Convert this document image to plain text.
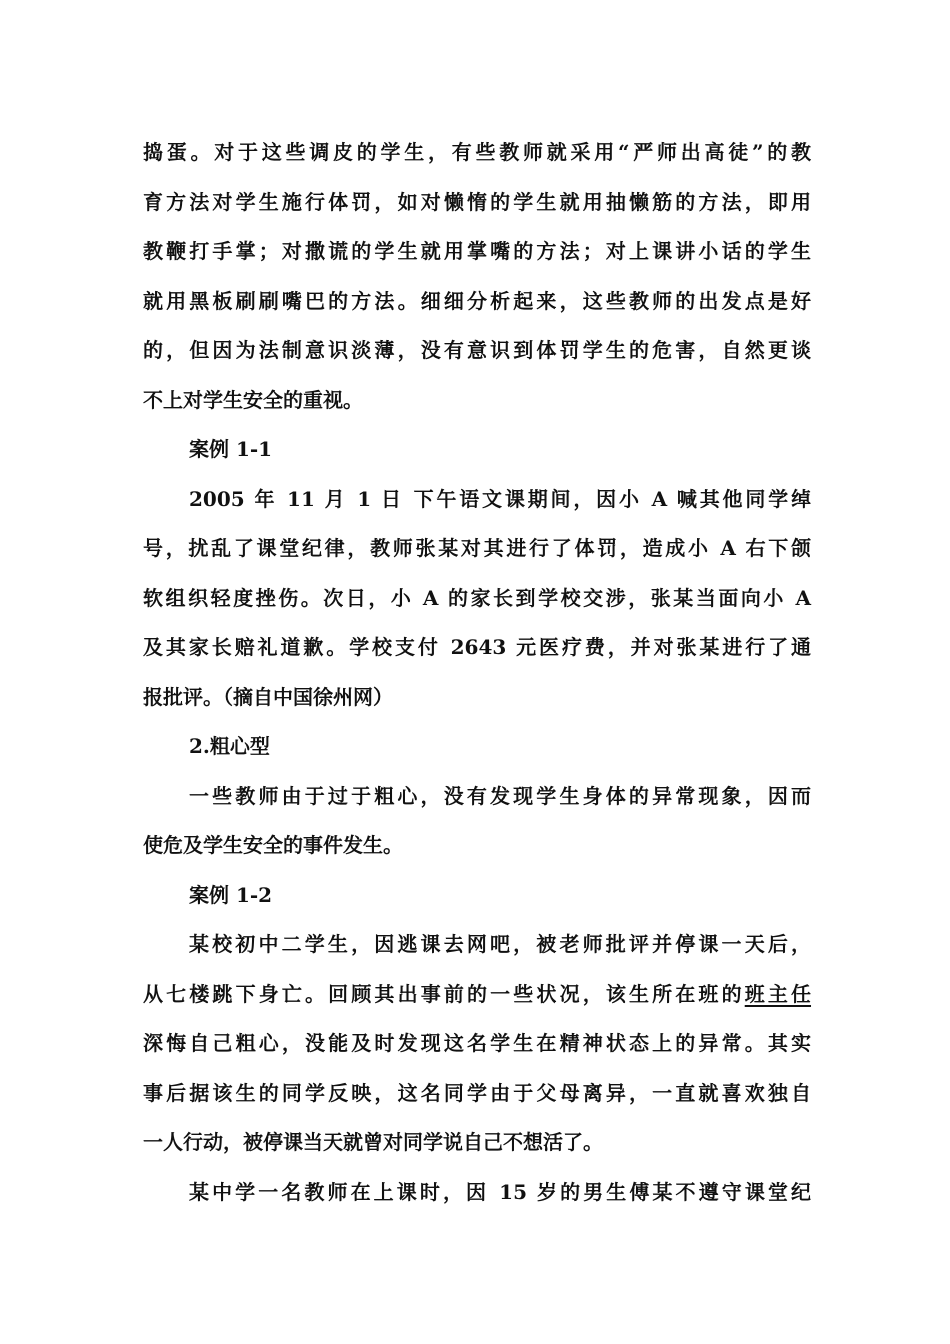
捣蛋。对于这些调皮的学生，有些教师就采用“严师出高徒”的教
育方法对学生施行体罚，如对懒惰的学生就用抽懒筋的方法，即用
教鞭打手掌；对撒谎的学生就用掌嘴的方法；对上课讲小话的学生
就用黑板刷刷嘴巴的方法。细细分析起来，这些教师的出发点是好
的，但因为法制意识淡薄，没有意识到体罚学生的危害，自然更谈
不上对学生安全的重视。
案例 1-1
2005 年 11 月 1 日 下午语文课期间，因小 A 喊其他同学绰
号，扰乱了课堂纪律，教师张某对其进行了体罚，造成小 A 右下颌
软组织轻度挫伤。次日，小 A 的家长到学校交涉，张某当面向小 A
及其家长赔礼道歉。学校支付 2643 元医疗费，并对张某进行了通
报批评。（摘自中国徐州网）
2.粗心型
一些教师由于过于粗心，没有发现学生身体的异常现象，因而
使危及学生安全的事件发生。
案例 1-2
某校初中二学生，因逃课去网吧，被老师批评并停课一天后，
从七楼跳下身亡。回顾其出事前的一些状况，该生所在班的班主任
深悔自己粗心，没能及时发现这名学生在精神状态上的异常。其实
事后据该生的同学反映，这名同学由于父母离异，一直就喜欢独自
一人行动，被停课当天就曾对同学说自己不想活了。
某中学一名教师在上课时，因 15 岁的男生傅某不遵守课堂纪
